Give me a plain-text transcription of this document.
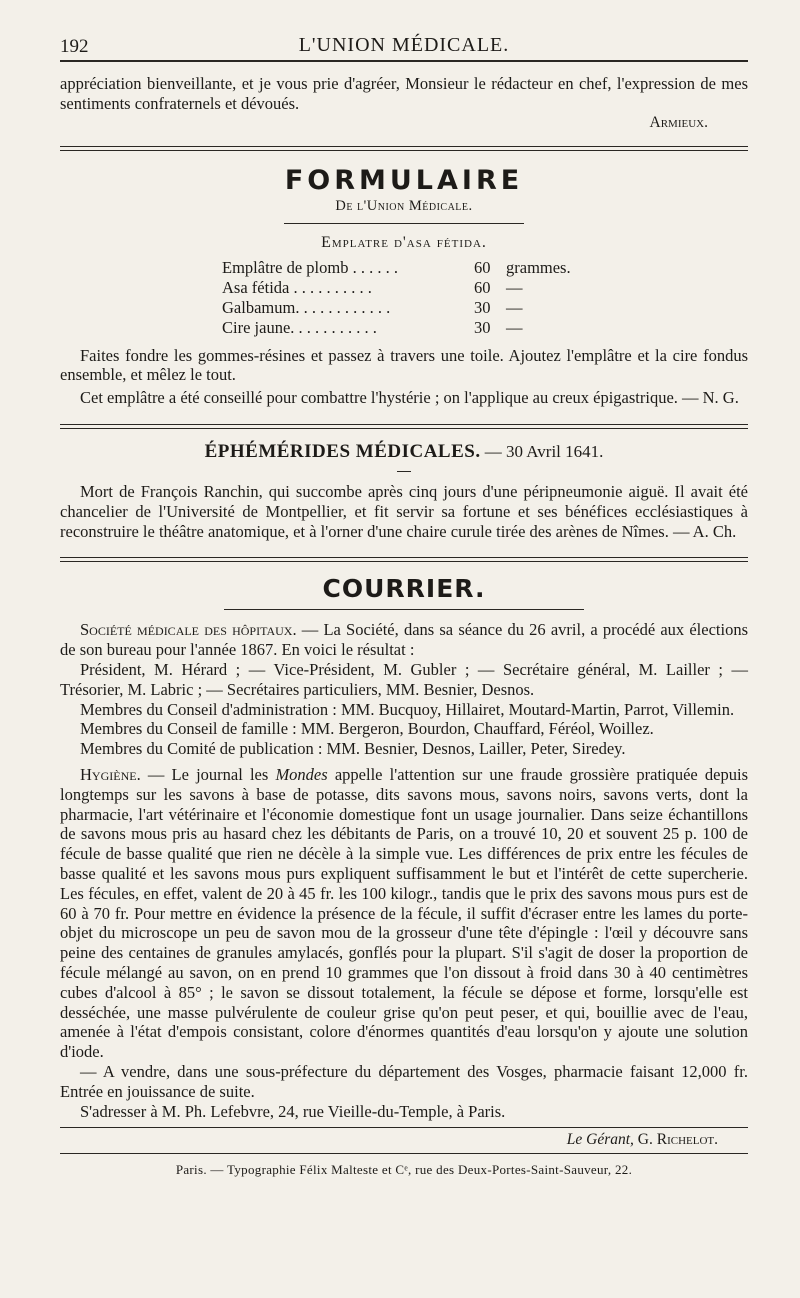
192	L'UNION MÉDICALE.

appréciation bienveillante, et je vous prie d'agréer, Monsieur le rédacteur en chef, l'expression de mes sentiments confraternels et dévoués.

Armieux.
FORMULAIRE
De l'Union Médicale.
Emplatre d'asa fétida.
Emplâtre de plomb . . . . . .	60 grammes.
Asa fétida . . . . . . . . . .	60 —
Galbamum. . . . . . . . . . . .	30 —
Cire jaune. . . . . . . . . . .	30 —

Faites fondre les gommes-résines et passez à travers une toile. Ajoutez l'emplâtre et la cire fondus ensemble, et mêlez le tout.

Cet emplâtre a été conseillé pour combattre l'hystérie ; on l'applique au creux épigastrique. — N. G.

ÉPHÉMÉRIDES MÉDICALES. — 30 Avril 1641.

Mort de François Ranchin, qui succombe après cinq jours d'une péripneumonie aiguë. Il avait été chancelier de l'Université de Montpellier, et fit servir sa fortune et ses bénéfices ecclésiastiques à reconstruire le théâtre anatomique, et à l'orner d'une chaire curule tirée des arènes de Nîmes. — A. Ch.

COURRIER.

Société médicale des hôpitaux. — La Société, dans sa séance du 26 avril, a procédé aux élections de son bureau pour l'année 1867. En voici le résultat :

Président, M. Hérard ; — Vice-Président, M. Gubler ; — Secrétaire général, M. Lailler ; — Trésorier, M. Labric ; — Secrétaires particuliers, MM. Besnier, Desnos.

Membres du Conseil d'administration : MM. Bucquoy, Hillairet, Moutard-Martin, Parrot, Villemin.

Membres du Conseil de famille : MM. Bergeron, Bourdon, Chauffard, Féréol, Woillez.

Membres du Comité de publication : MM. Besnier, Desnos, Lailler, Peter, Siredey.

Hygiène. — Le journal les Mondes appelle l'attention sur une fraude grossière pratiquée depuis longtemps sur les savons à base de potasse, dits savons mous, savons noirs, savons verts, dont la pharmacie, l'art vétérinaire et l'économie domestique font un usage journalier. Dans seize échantillons de savons mous pris au hasard chez les débitants de Paris, on a trouvé 10, 20 et souvent 25 p. 100 de fécule de basse qualité que rien ne décèle à la simple vue. Les différences de prix entre les fécules de basse qualité et les savons mous purs expliquent suffisamment le but et l'intérêt de cette supercherie. Les fécules, en effet, valent de 20 à 45 fr. les 100 kilogr., tandis que le prix des savons mous purs est de 60 à 70 fr. Pour mettre en évidence la présence de la fécule, il suffit d'écraser entre les lames du porte-objet du microscope un peu de savon mou de la grosseur d'une tête d'épingle : l'œil y découvre sans peine des centaines de granules amylacés, gonflés pour la plupart. S'il s'agit de doser la proportion de fécule mélangé au savon, on en prend 10 grammes que l'on dissout à froid dans 30 à 40 centimètres cubes d'alcool à 85° ; le savon se dissout totalement, la fécule se dépose et forme, lorsqu'elle est desséchée, une masse pulvérulente de couleur grise qu'on peut peser, et qui, bouillie avec de l'eau, amenée à l'état d'empois consistant, colore d'énormes quantités d'eau lorsqu'on y ajoute une solution d'iode.

— A vendre, dans une sous-préfecture du département des Vosges, pharmacie faisant 12,000 fr. Entrée en jouissance de suite.

S'adresser à M. Ph. Lefebvre, 24, rue Vieille-du-Temple, à Paris.

Le Gérant, G. Richelot.
Paris. — Typographie Félix Malteste et Cᵉ, rue des Deux-Portes-Saint-Sauveur, 22.
